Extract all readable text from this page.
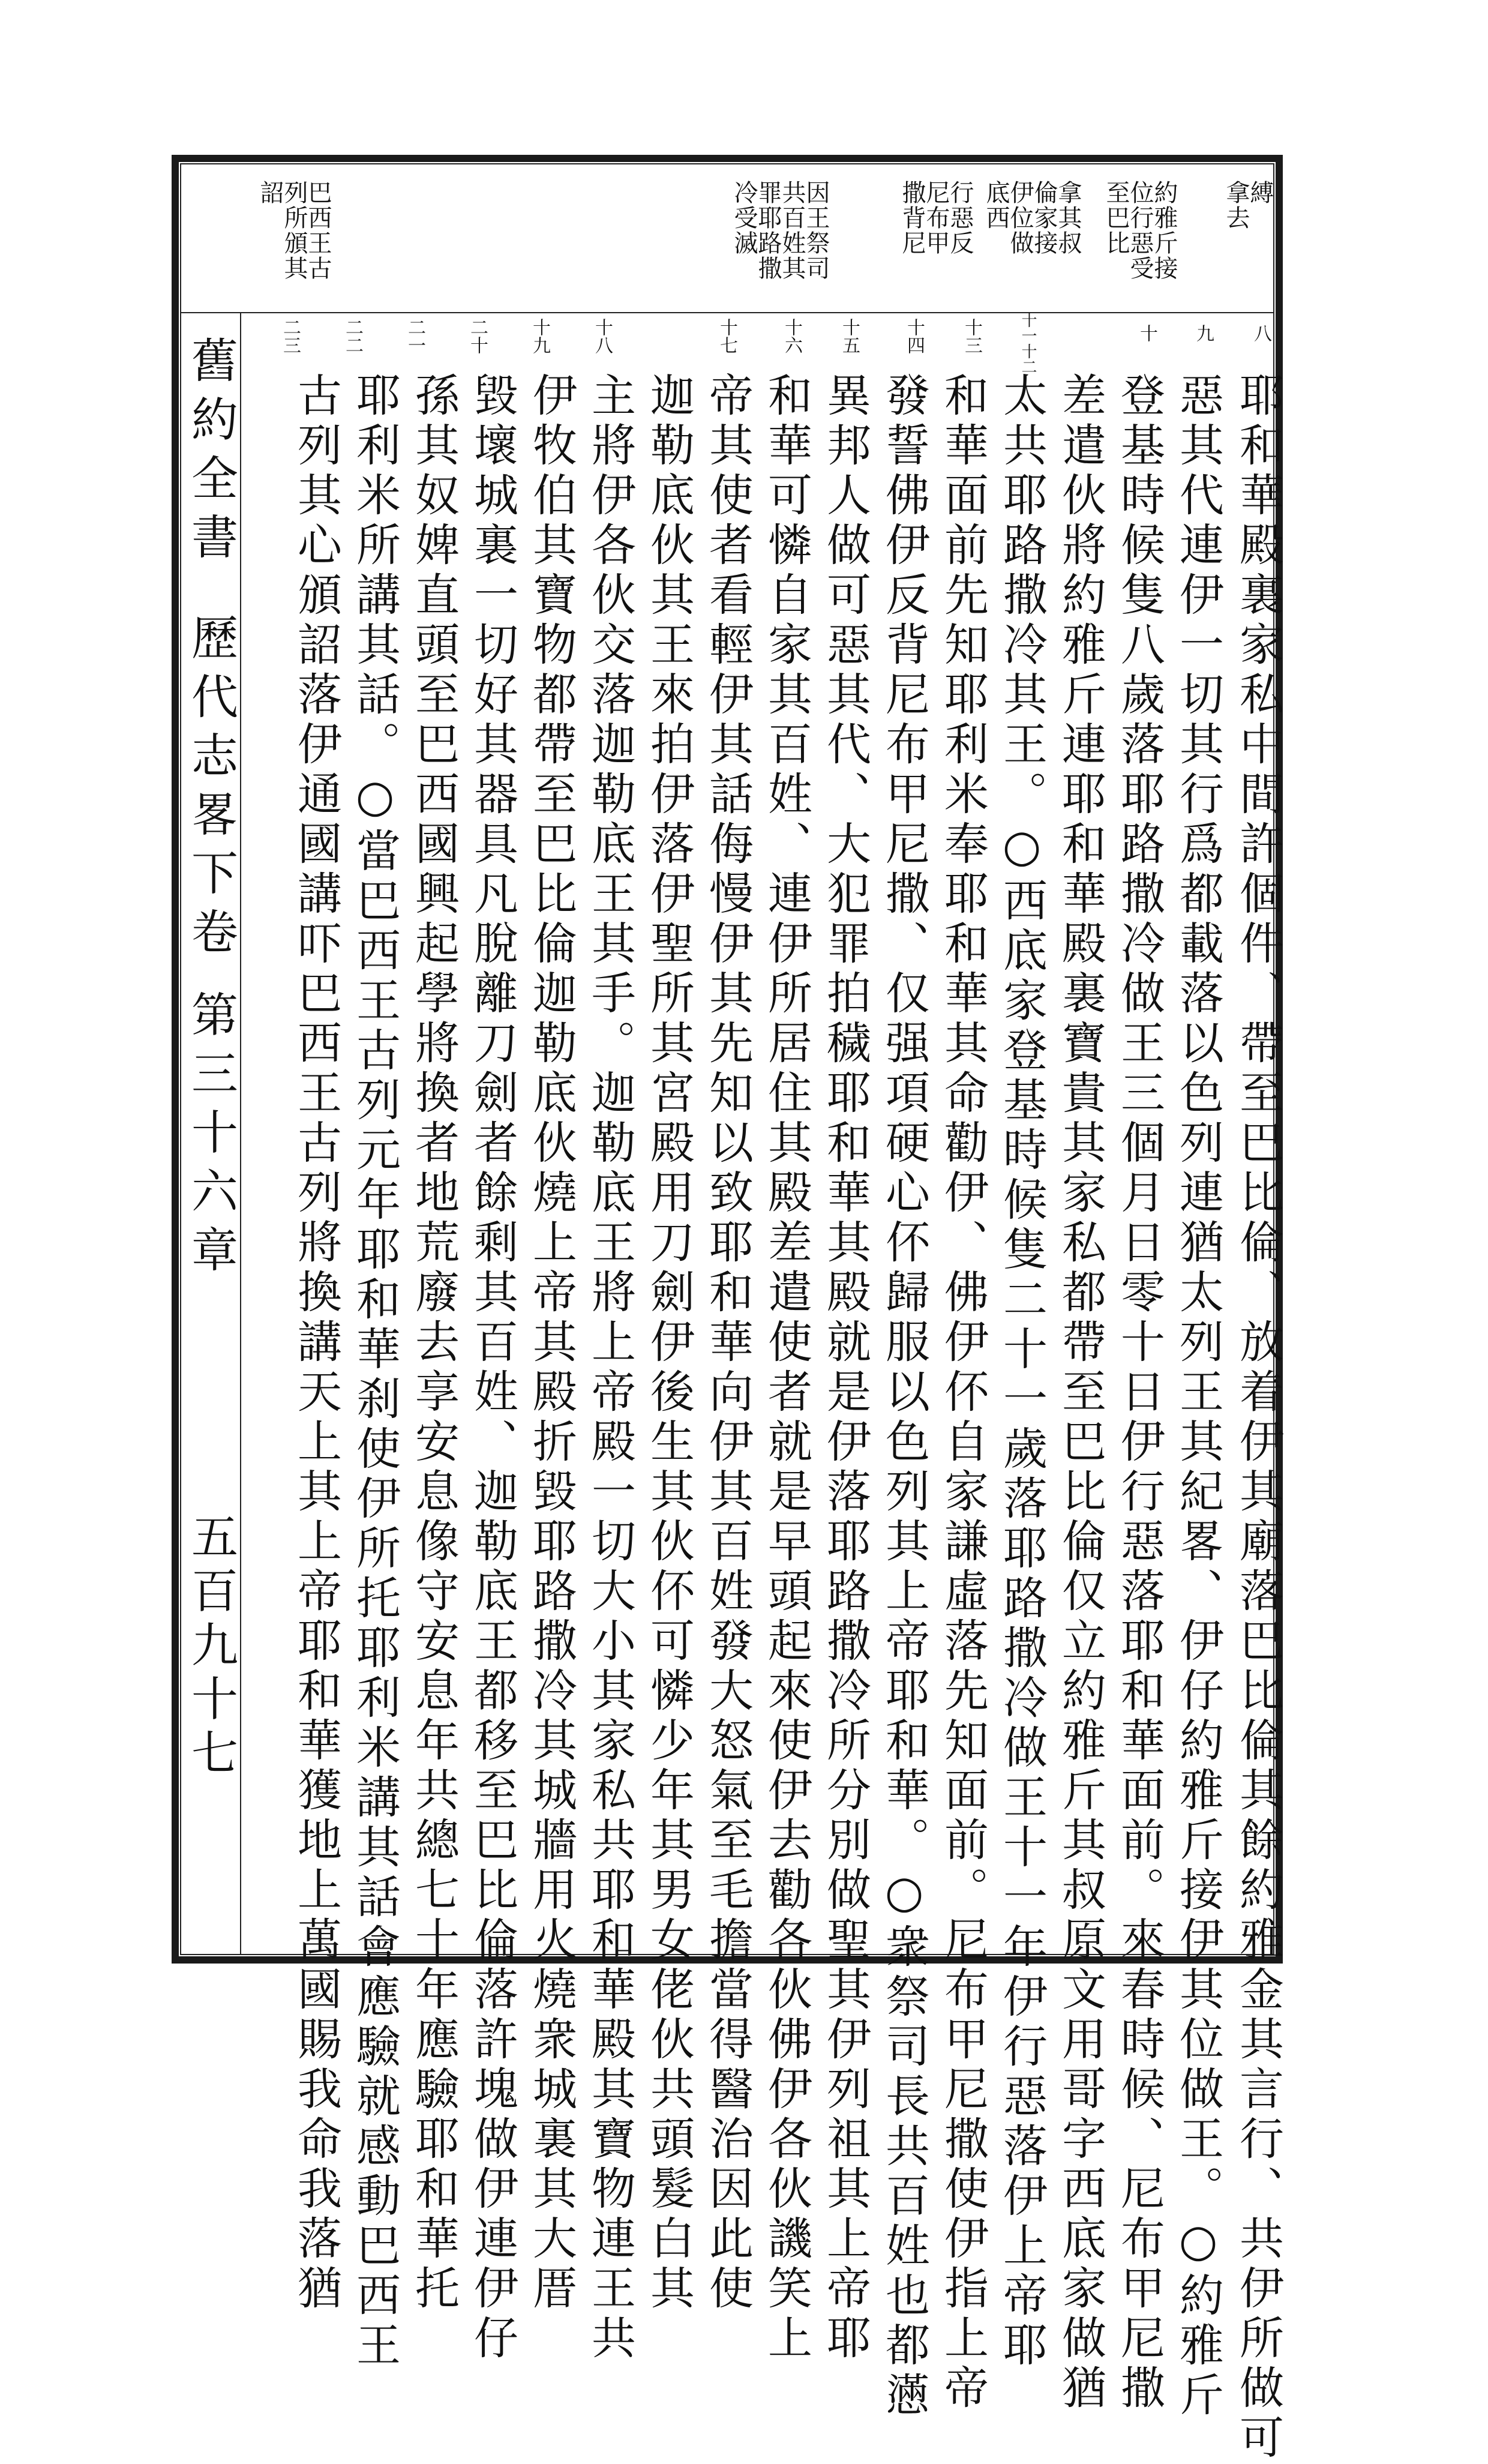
縛
拿去
約雅斤接
位行惡受
至巴比
拿其叔
倫家接
伊位做
底西
行惡反
尼布甲
撒背尼
因王祭司
共百姓其
罪耶路撒
冷受滅
巴西王古
列所頒其
詔
八
九
十
十一十二
十三
十四
十五
十六
十七
十八
十九
二十
二一
二二
二三
耶和華殿裏家私中間許個件、帶至巴比倫、放着伊其廟落巴比倫其餘約雅金其言行、共伊所做可
惡其代連伊一切其行爲都載落以色列連猶太列王其紀畧、伊仔約雅斤接伊其位做王。○約雅斤
登基時候隻八歲落耶路撒冷做王三個月日零十日伊行惡落耶和華面前。來春時候、尼布甲尼撒
差遣伙將約雅斤連耶和華殿裏寶貴其家私都帶至巴比倫仅立約雅斤其叔原文用哥字西底家做猶
太共耶路撒冷其王。○西底家登基時候隻二十一歲落耶路撒冷做王十一年伊行惡落伊上帝耶
和華面前先知耶利米奉耶和華其命勸伊、佛伊伓自家謙虛落先知面前。尼布甲尼撒使伊指上帝
發誓佛伊反背尼布甲尼撒、仅强項硬心伓歸服以色列其上帝耶和華。○衆祭司長共百姓也都懣
異邦人做可惡其代、大犯罪拍穢耶和華其殿就是伊落耶路撒冷所分別做聖其伊列祖其上帝耶
和華可憐自家其百姓、連伊所居住其殿差遣使者就是早頭起來使伊去勸各伙佛伊各伙譏笑上
帝其使者看輕伊其話侮慢伊其先知以致耶和華向伊其百姓發大怒氣至毛擔當得醫治因此使
迦勒底伙其王來拍伊落伊聖所其宮殿用刀劍伊後生其伙伓可憐少年其男女佬伙共頭髮白其
主將伊各伙交落迦勒底王其手。迦勒底王將上帝殿一切大小其家私共耶和華殿其寶物連王共
伊牧伯其寶物都帶至巴比倫迦勒底伙燒上帝其殿折毀耶路撒冷其城牆用火燒衆城裏其大厝
毀壞城裏一切好其器具凡脫離刀劍者餘剩其百姓、迦勒底王都移至巴比倫落許塊做伊連伊仔
孫其奴婢直頭至巴西國興起學將換者地荒廢去享安息像守安息年共總七十年應驗耶和華托
耶利米所講其話。○當巴西王古列元年耶和華刹使伊所托耶利米講其話會應驗就感動巴西王
古列其心頒詔落伊通國講吓巴西王古列將換講天上其上帝耶和華獲地上萬國賜我命我落猶
舊約全書歷代志畧下卷第三十六章
五百九十七
